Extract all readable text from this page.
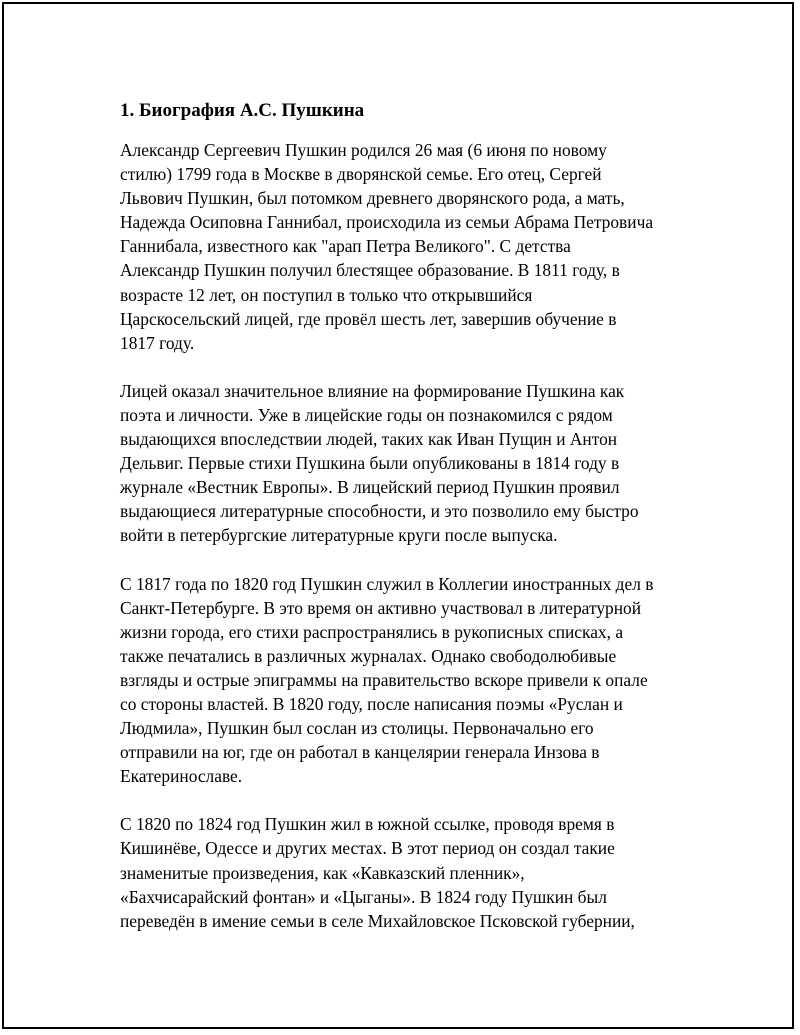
1. Биография А.С. Пушкина
Александр Сергеевич Пушкин родился 26 мая (6 июня по новому
стилю) 1799 года в Москве в дворянской семье. Его отец, Сергей
Львович Пушкин, был потомком древнего дворянского рода, а мать,
Надежда Осиповна Ганнибал, происходила из семьи Абрама Петровича
Ганнибала, известного как "арап Петра Великого". С детства
Александр Пушкин получил блестящее образование. В 1811 году, в
возрасте 12 лет, он поступил в только что открывшийся
Царскосельский лицей, где провёл шесть лет, завершив обучение в
1817 году.
Лицей оказал значительное влияние на формирование Пушкина как
поэта и личности. Уже в лицейские годы он познакомился с рядом
выдающихся впоследствии людей, таких как Иван Пущин и Антон
Дельвиг. Первые стихи Пушкина были опубликованы в 1814 году в
журнале «Вестник Европы». В лицейский период Пушкин проявил
выдающиеся литературные способности, и это позволило ему быстро
войти в петербургские литературные круги после выпуска.
С 1817 года по 1820 год Пушкин служил в Коллегии иностранных дел в
Санкт-Петербурге. В это время он активно участвовал в литературной
жизни города, его стихи распространялись в рукописных списках, а
также печатались в различных журналах. Однако свободолюбивые
взгляды и острые эпиграммы на правительство вскоре привели к опале
со стороны властей. В 1820 году, после написания поэмы «Руслан и
Людмила», Пушкин был сослан из столицы. Первоначально его
отправили на юг, где он работал в канцелярии генерала Инзова в
Екатеринославе.
С 1820 по 1824 год Пушкин жил в южной ссылке, проводя время в
Кишинёве, Одессе и других местах. В этот период он создал такие
знаменитые произведения, как «Кавказский пленник»,
«Бахчисарайский фонтан» и «Цыганы». В 1824 году Пушкин был
переведён в имение семьи в селе Михайловское Псковской губернии,
